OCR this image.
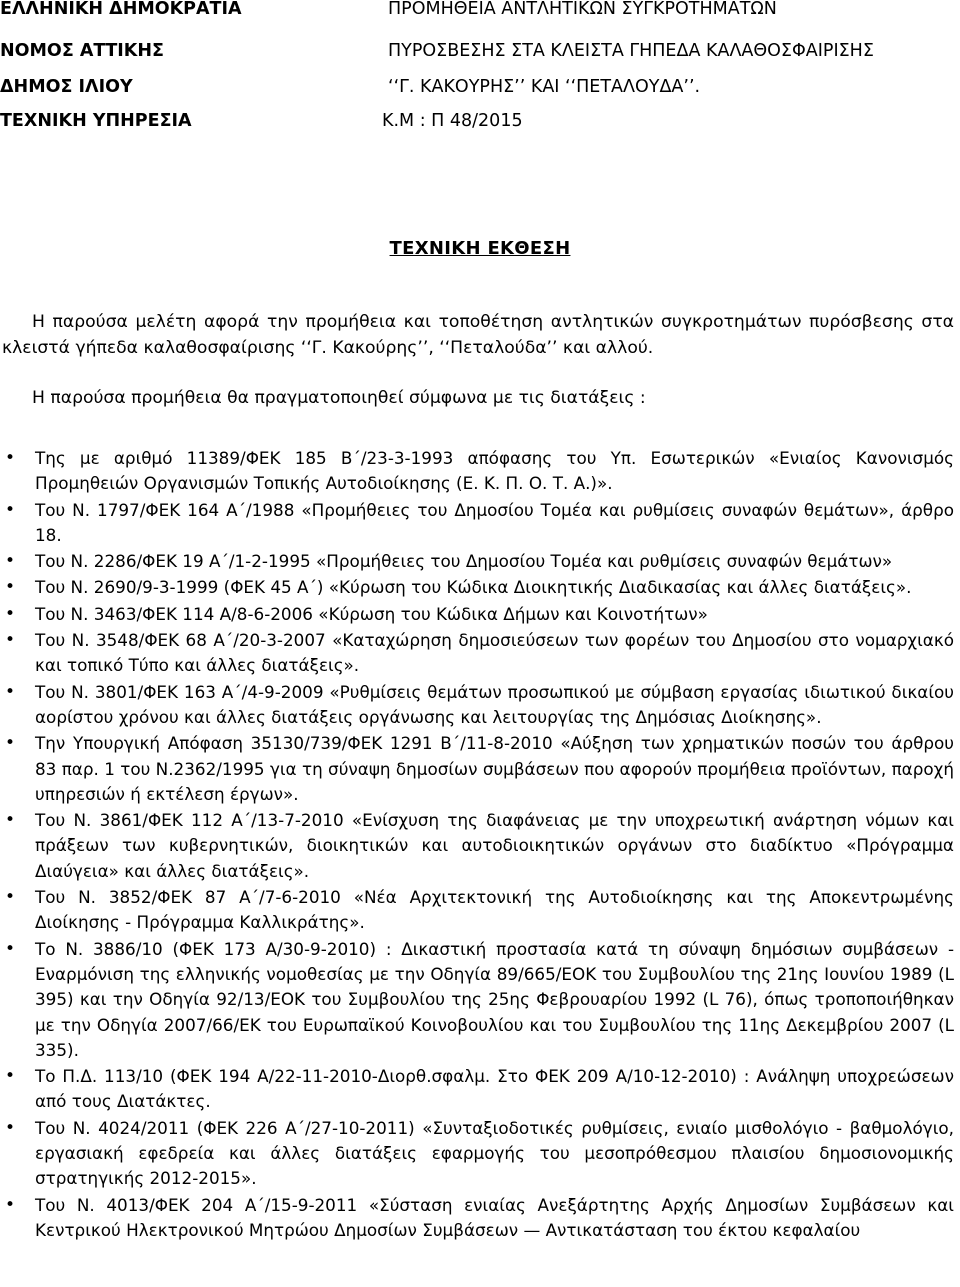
ΕΛΛΗΝΙΚΗ ΔΗΜΟΚΡΑΤΙΑ	ΠΡΟΜΗΘΕΙΑ ΑΝΤΛΗΤΙΚΩΝ ΣΥΓΚΡΟΤΗΜΑΤΩΝ
ΝΟΜΟΣ ΑΤΤΙΚΗΣ	ΠΥΡΟΣΒΕΣΗΣ ΣΤΑ ΚΛΕΙΣΤΑ ΓΗΠΕΔΑ ΚΑΛΑΘΟΣΦΑΙΡΙΣΗΣ
ΔΗΜΟΣ ΙΛΙΟΥ	‘‘Γ. ΚΑΚΟΥΡΗΣ’’ ΚΑΙ ‘‘ΠΕΤΑΛΟΥΔΑ’’.
ΤΕΧΝΙΚΗ ΥΠΗΡΕΣΙΑ	Κ.Μ : Π 48/2015
ΤΕΧΝΙΚΗ ΕΚΘΕΣΗ

Η παρούσα μελέτη αφορά την προμήθεια και τοποθέτηση αντλητικών συγκροτημάτων πυρόσβεσης στα κλειστά γήπεδα καλαθοσφαίρισης ‘‘Γ. Κακούρης’’, ‘‘Πεταλούδα’’ και αλλού.

Η παρούσα προμήθεια θα πραγματοποιηθεί σύμφωνα με τις διατάξεις :
• Της με αριθμό 11389/ΦΕΚ 185 Β΄/23-3-1993 απόφασης του Υπ. Εσωτερικών «Ενιαίος Κανονισμός Προμηθειών Οργανισμών Τοπικής Αυτοδιοίκησης (Ε. Κ. Π. Ο. Τ. Α.)».
• Του Ν. 1797/ΦΕΚ 164 Α΄/1988 «Προμήθειες του Δημοσίου Τομέα και ρυθμίσεις συναφών θεμάτων», άρθρο 18.
• Του Ν. 2286/ΦΕΚ 19 Α΄/1-2-1995 «Προμήθειες του Δημοσίου Τομέα και ρυθμίσεις συναφών θεμάτων»
• Του Ν. 2690/9-3-1999 (ΦΕΚ 45 Α΄) «Κύρωση του Κώδικα Διοικητικής Διαδικασίας και άλλες διατάξεις».
• Του Ν. 3463/ΦΕΚ 114 Α/8-6-2006 «Κύρωση του Κώδικα Δήμων και Κοινοτήτων»
• Του Ν. 3548/ΦΕΚ 68 Α΄/20-3-2007 «Καταχώρηση δημοσιεύσεων των φορέων του Δημοσίου στο νομαρχιακό και τοπικό Τύπο και άλλες διατάξεις».
• Του Ν. 3801/ΦΕΚ 163 Α΄/4-9-2009 «Ρυθμίσεις θεμάτων προσωπικού με σύμβαση εργασίας ιδιωτικού δικαίου αορίστου χρόνου και άλλες διατάξεις οργάνωσης και λειτουργίας της Δημόσιας Διοίκησης».
• Την Υπουργική Απόφαση 35130/739/ΦΕΚ 1291 Β΄/11-8-2010 «Αύξηση των χρηματικών ποσών του άρθρου 83 παρ. 1 του Ν.2362/1995 για τη σύναψη δημοσίων συμβάσεων που αφορούν προμήθεια προϊόντων, παροχή υπηρεσιών ή εκτέλεση έργων».
• Του Ν. 3861/ΦΕΚ 112 Α΄/13-7-2010 «Ενίσχυση της διαφάνειας με την υποχρεωτική ανάρτηση νόμων και πράξεων των κυβερνητικών, διοικητικών και αυτοδιοικητικών οργάνων στο διαδίκτυο «Πρόγραμμα Διαύγεια» και άλλες διατάξεις».
• Του Ν. 3852/ΦΕΚ 87 Α΄/7-6-2010 «Νέα Αρχιτεκτονική της Αυτοδιοίκησης και της Αποκεντρωμένης Διοίκησης - Πρόγραμμα Καλλικράτης».
• Το Ν. 3886/10 (ΦΕΚ 173 Α/30-9-2010) : Δικαστική προστασία κατά τη σύναψη δημόσιων συμβάσεων - Εναρμόνιση της ελληνικής νομοθεσίας με την Οδηγία 89/665/ΕΟΚ του Συμβουλίου της 21ης Ιουνίου 1989 (L 395) και την Οδηγία 92/13/ΕΟΚ του Συμβουλίου της 25ης Φεβρουαρίου 1992 (L 76), όπως τροποποιήθηκαν με την Οδηγία 2007/66/ΕΚ του Ευρωπαϊκού Κοινοβουλίου και του Συμβουλίου της 11ης Δεκεμβρίου 2007 (L 335).
• Το Π.Δ. 113/10 (ΦΕΚ 194 Α/22-11-2010-Διορθ.σφαλμ. Στο ΦΕΚ 209 Α/10-12-2010) : Ανάληψη υποχρεώσεων από τους Διατάκτες.
• Του Ν. 4024/2011 (ΦΕΚ 226 Α΄/27-10-2011) «Συνταξιοδοτικές ρυθμίσεις, ενιαίο μισθολόγιο - βαθμολόγιο, εργασιακή εφεδρεία και άλλες διατάξεις εφαρμογής του μεσοπρόθεσμου πλαισίου δημοσιονομικής στρατηγικής 2012-2015».
• Του Ν. 4013/ΦΕΚ 204 Α΄/15-9-2011 «Σύσταση ενιαίας Ανεξάρτητης Αρχής Δημοσίων Συμβάσεων και Κεντρικού Ηλεκτρονικού Μητρώου Δημοσίων Συμβάσεων — Αντικατάσταση του έκτου κεφαλαίου
